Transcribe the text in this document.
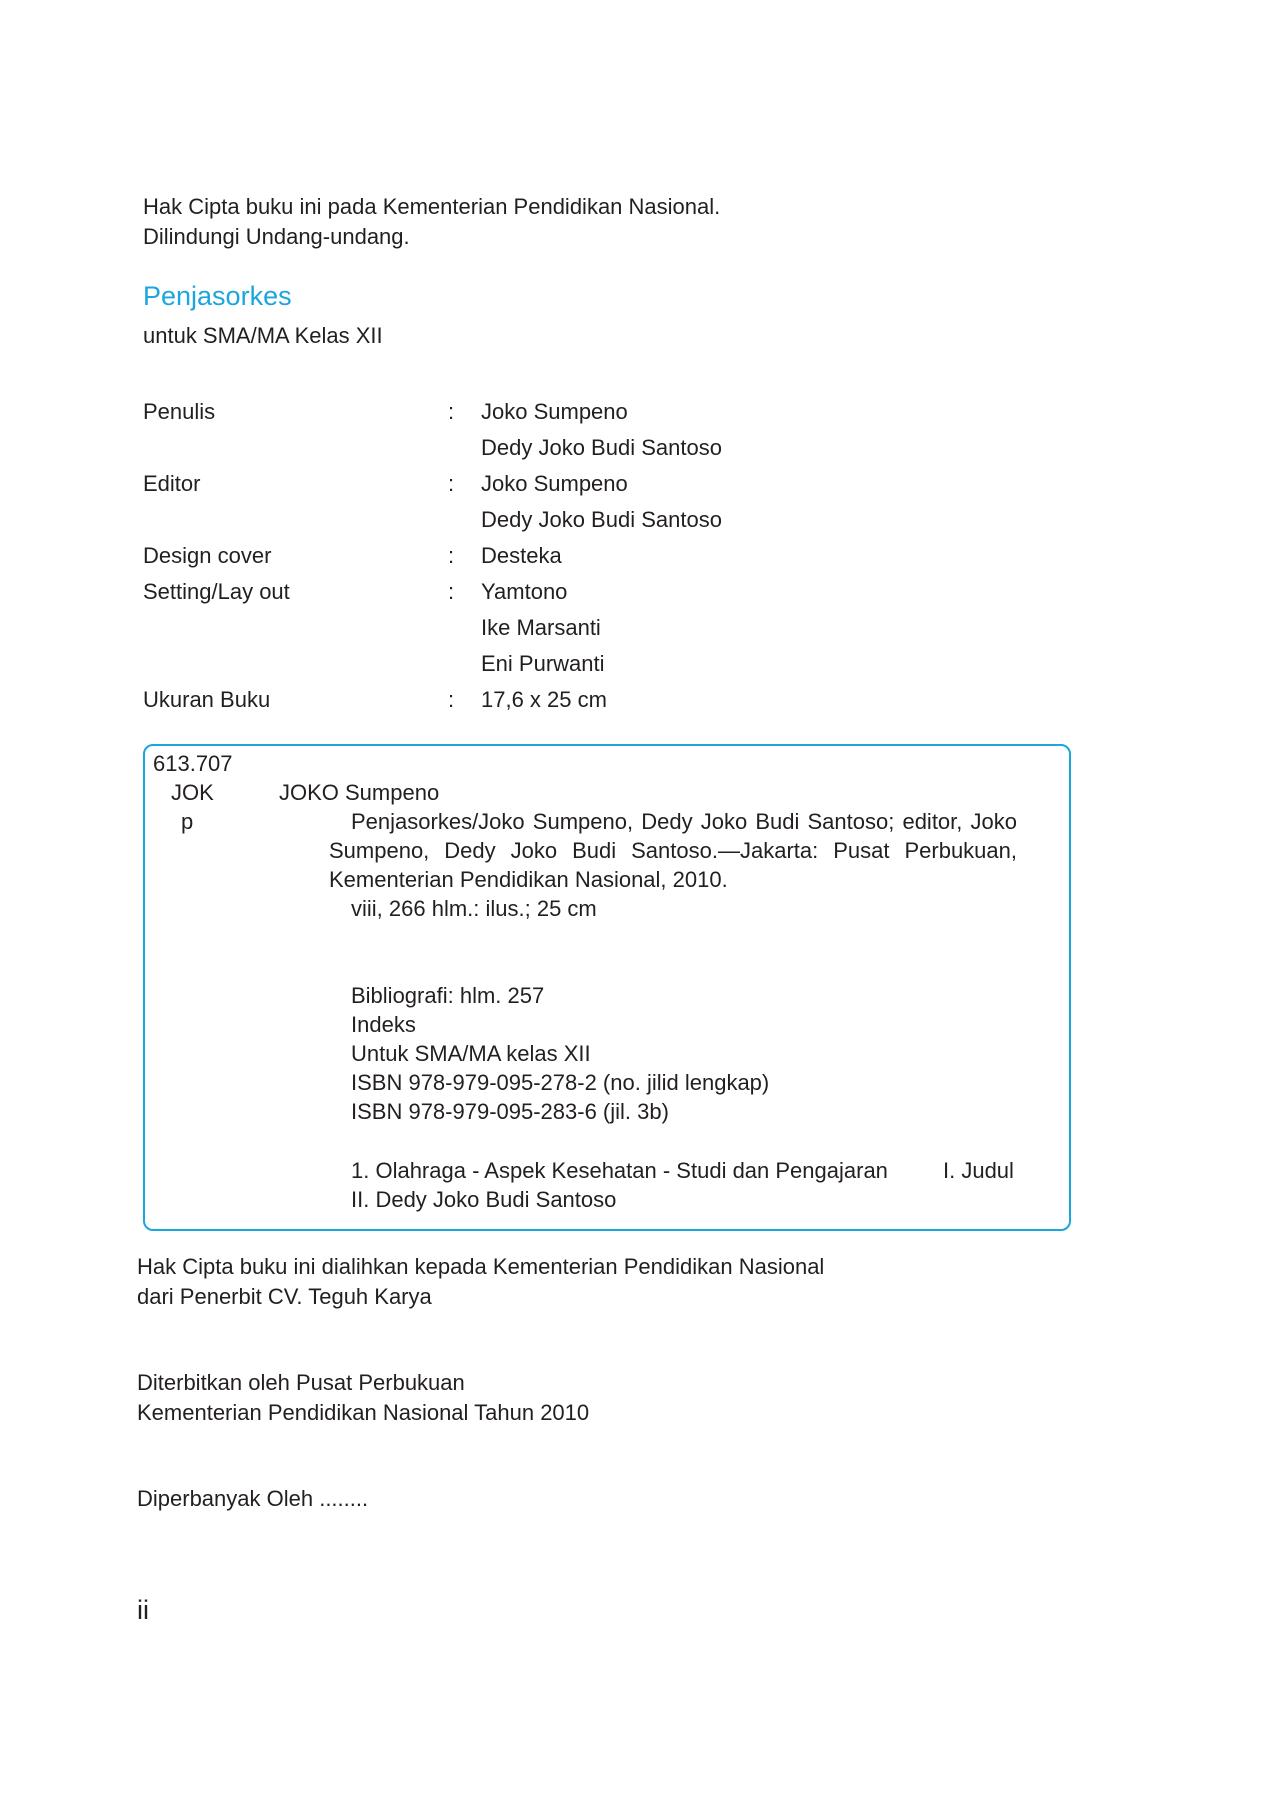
Hak Cipta buku ini pada Kementerian Pendidikan Nasional.
Dilindungi Undang-undang.
Penjasorkes

untuk SMA/MA Kelas XII

Penulis	: Joko Sumpeno
Dedy Joko Budi Santoso
Editor	: Joko Sumpeno
Dedy Joko Budi Santoso
Design cover	: Desteka
Setting/Lay out	: Yamtono
Ike Marsanti
Eni Purwanti
Ukuran Buku	: 17,6 x 25 cm

613.707

JOK

p

JOKO Sumpeno

Penjasorkes/Joko Sumpeno, Dedy Joko Budi Santoso; editor, Joko Sumpeno, Dedy Joko Budi Santoso.—Jakarta: Pusat Perbukuan, Kementerian Pendidikan Nasional, 2010.

viii, 266 hlm.: ilus.; 25 cm

Bibliografi: hlm. 257
Indeks
Untuk SMA/MA kelas XII
ISBN 978-979-095-278-2 (no. jilid lengkap)
ISBN 978-979-095-283-6 (jil. 3b)

1. Olahraga - Aspek Kesehatan - Studi dan Pengajaran	I. Judul

II. Dedy Joko Budi Santoso

Hak Cipta buku ini dialihkan kepada Kementerian Pendidikan Nasional
dari Penerbit CV. Teguh Karya
Diterbitkan oleh Pusat Perbukuan
Kementerian Pendidikan Nasional Tahun 2010
Diperbanyak Oleh ........

ii
